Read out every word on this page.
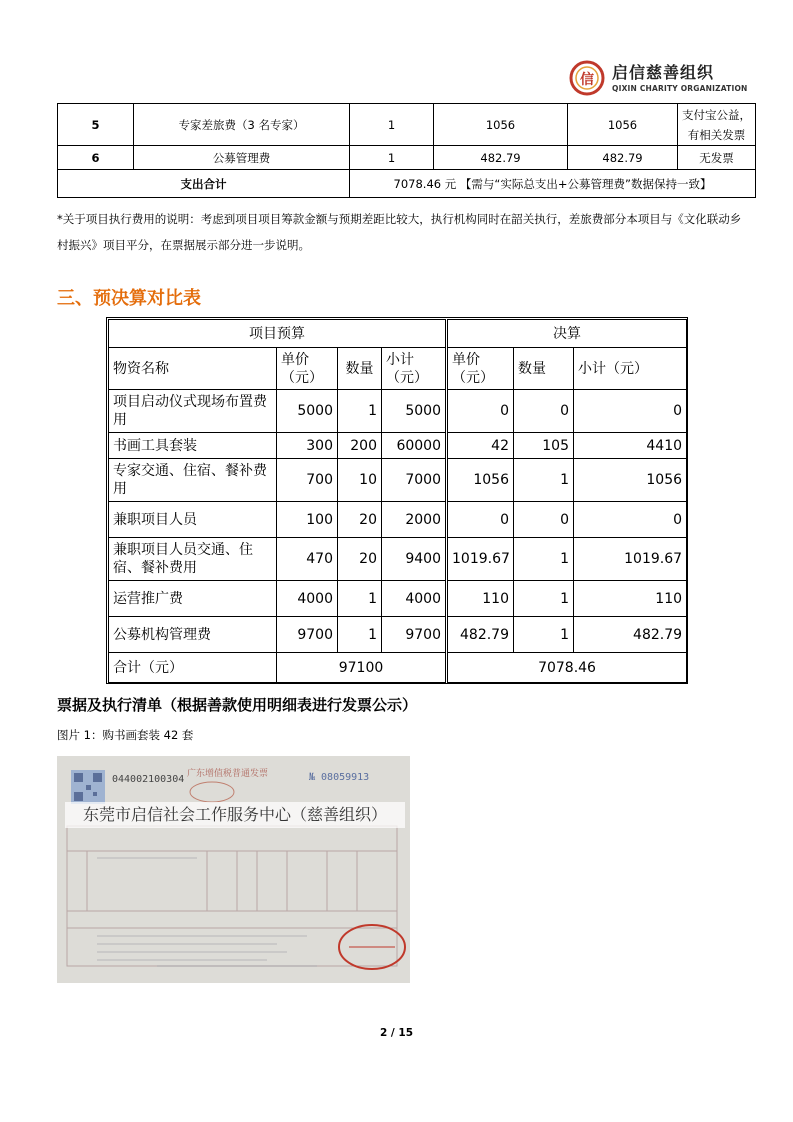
信 启信慈善组织
QIXIN CHARITY ORGANIZATION
5	专家差旅费（3 名专家）	1	1056	1056	支付宝公益，
有相关发票
6	公募管理费	1	482.79	482.79	无发票
支出合计		7078.46 元 【需与“实际总支出+公募管理费”数据保持一致】			
*关于项目执行费用的说明：考虑到项目项目筹款金额与预期差距比较大，执行机构同时在韶关执行，差旅费部分本项目与《文化联动乡村振兴》项目平分，在票据展示部分进一步说明。
三、预决算对比表
项目预算				决算		
物资名称	单价（元）	数量	小计（元）	单价（元）	数量	小计（元）
项目启动仪式现场布置费用	5000	1	5000	0	0	0
书画工具套装	300	200	60000	42	105	4410
专家交通、住宿、餐补费用	700	10	7000	1056	1	1056
兼职项目人员	100	20	2000	0	0	0
兼职项目人员交通、住宿、餐补费用	470	20	9400	1019.67	1	1019.67
运营推广费	4000	1	4000	110	1	110
公募机构管理费	9700	1	9700	482.79	1	482.79
合计（元）	97100			7078.46		
票据及执行清单（根据善款使用明细表进行发票公示）
图片 1：购书画套装 42 套
044002100304 广东增值税普通发票	№ 08059913
东莞市启信社会工作服务中心（慈善组织）
2 / 15
